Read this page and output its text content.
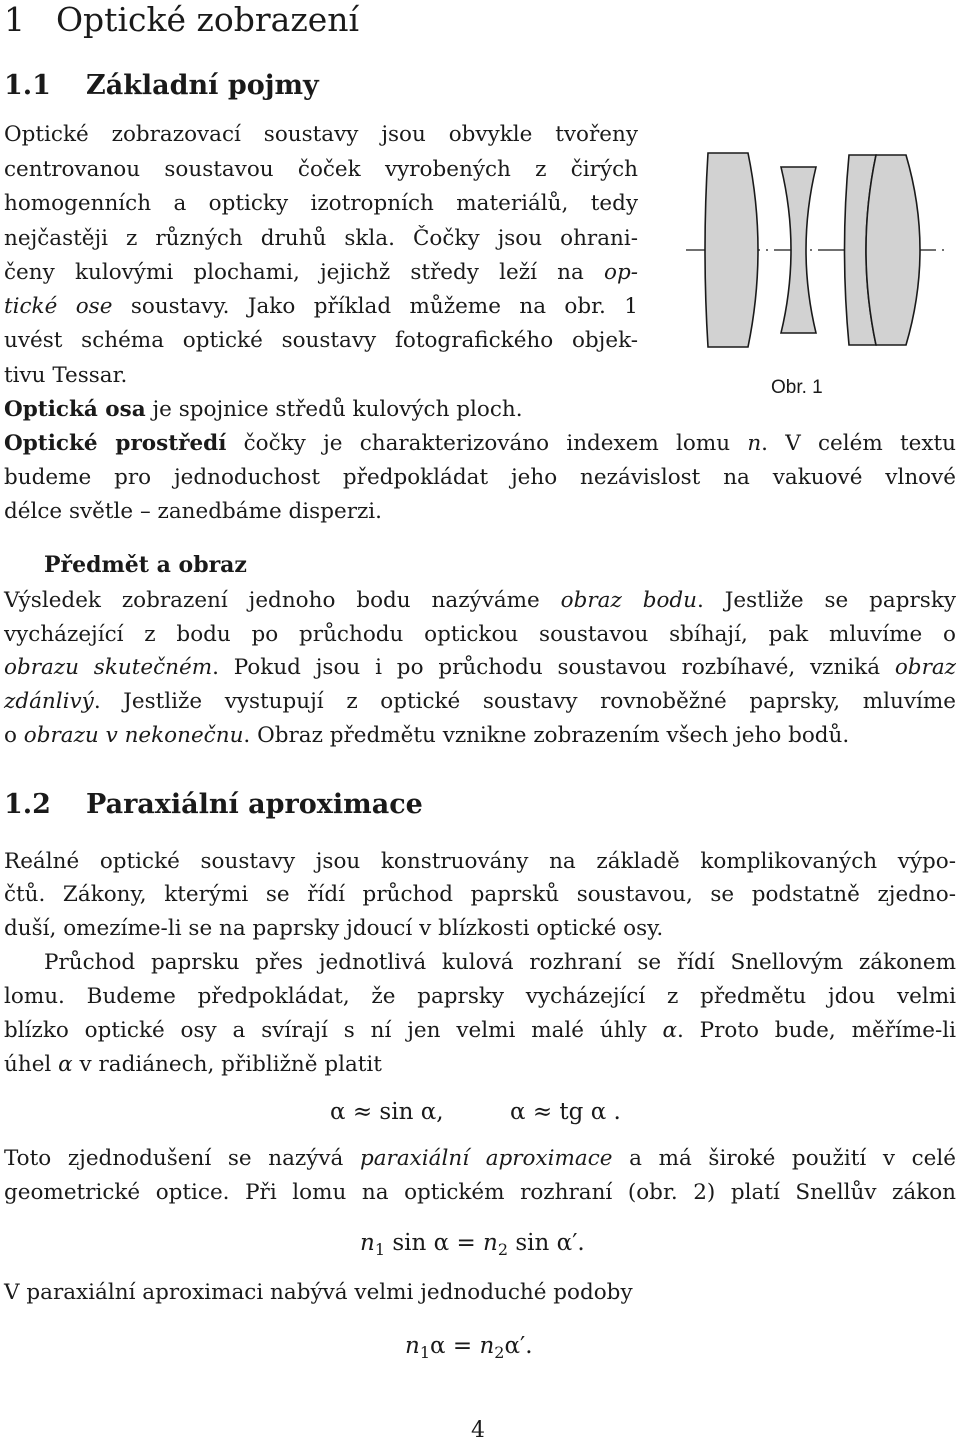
1 Optické zobrazení
1.1 Základní pojmy
Optické zobrazovací soustavy jsou obvykle tvořeny
centrovanou soustavou čoček vyrobených z čirých
homogenních a opticky izotropních materiálů, tedy
nejčastěji z různých druhů skla. Čočky jsou ohrani-
čeny kulovými plochami, jejichž středy leží na op-
tické ose soustavy. Jako příklad můžeme na obr. 1
uvést schéma optické soustavy fotografického objek-
tivu Tessar.	Obr. 1
Optická osa je spojnice středů kulových ploch.
Optické prostředí čočky je charakterizováno indexem lomu n. V celém textu
budeme pro jednoduchost předpokládat jeho nezávislost na vakuové vlnové
délce světle – zanedbáme disperzi.
Předmět a obraz
Výsledek zobrazení jednoho bodu nazýváme obraz bodu. Jestliže se paprsky
vycházející z bodu po průchodu optickou soustavou sbíhají, pak mluvíme o
obrazu skutečném. Pokud jsou i po průchodu soustavou rozbíhavé, vzniká obraz
zdánlivý. Jestliže vystupují z optické soustavy rovnoběžné paprsky, mluvíme
o obrazu v nekonečnu. Obraz předmětu vznikne zobrazením všech jeho bodů.
1.2 Paraxiální aproximace
Reálné optické soustavy jsou konstruovány na základě komplikovaných výpo-
čtů. Zákony, kterými se řídí průchod paprsků soustavou, se podstatně zjedno-
duší, omezíme-li se na paprsky jdoucí v blízkosti optické osy.
Průchod paprsku přes jednotlivá kulová rozhraní se řídí Snellovým zákonem
lomu. Budeme předpokládat, že paprsky vycházející z předmětu jdou velmi
blízko optické osy a svírají s ní jen velmi malé úhly α. Proto bude, měříme-li
úhel α v radiánech, přibližně platit
α ≈ sin α,	α ≈ tg α .
Toto zjednodušení se nazývá paraxiální aproximace a má široké použití v celé
geometrické optice. Při lomu na optickém rozhraní (obr. 2) platí Snellův zákon
$n_1$ $\sin \alpha = n_2$ sin α′.
V paraxiální aproximaci nabývá velmi jednoduché podoby
$n_1\alpha = n_2\alpha'$.
4
